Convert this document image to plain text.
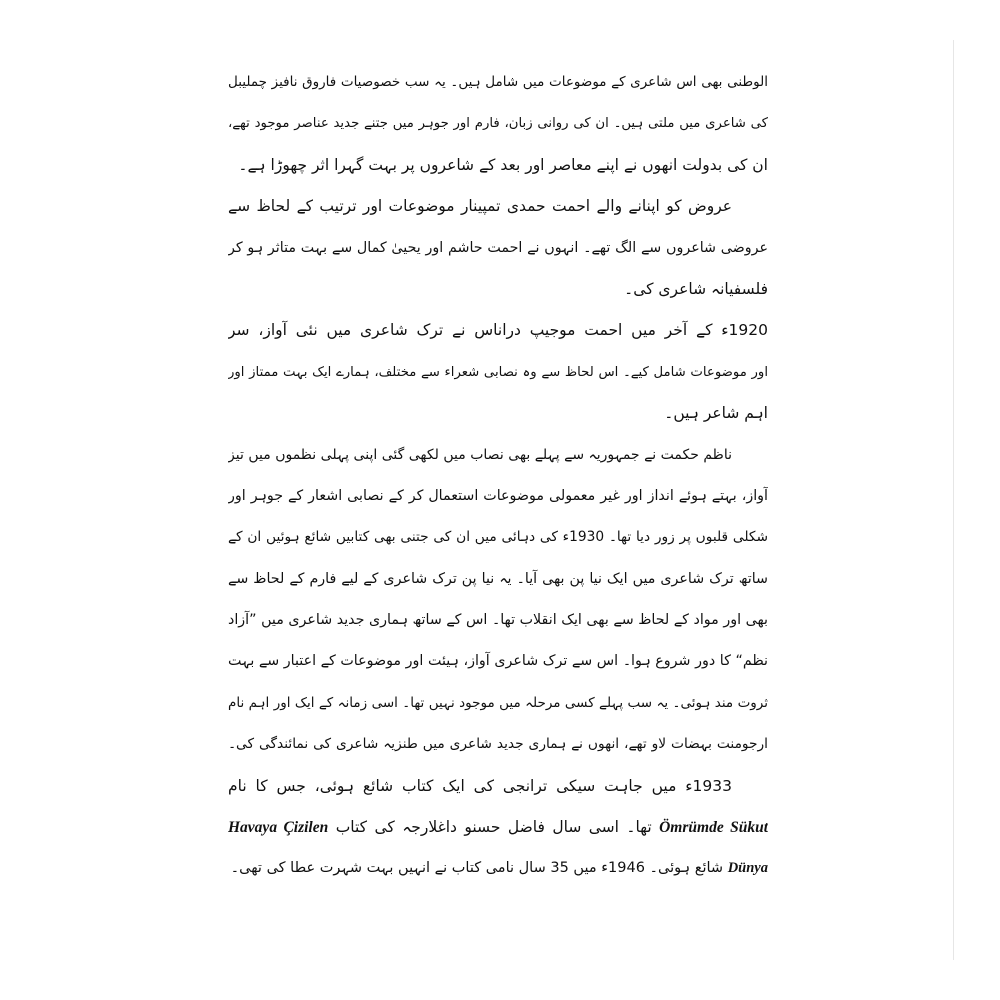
الوطنی بھی اس شاعری کے موضوعات میں شامل ہیں۔ یہ سب خصوصیات فاروق نافیز چملیبل
کی شاعری میں ملتی ہیں۔ ان کی روانی زبان، فارم اور جوہر میں جتنے جدید عناصر موجود تھے،
ان کی بدولت انھوں نے اپنے معاصر اور بعد کے شاعروں پر بہت گہرا اثر چھوڑا ہے۔
عروض کو اپنانے والے احمت حمدی تمپینار موضوعات اور ترتیب کے لحاظ سے
عروضی شاعروں سے الگ تھے۔ انہوں نے احمت حاشم اور یحییٰ کمال سے بہت متاثر ہو کر
فلسفیانہ شاعری کی۔
1920ء کے آخر میں احمت موجیپ دراناس نے ترک شاعری میں نئی آواز، سر
اور موضوعات شامل کیے۔ اس لحاظ سے وہ نصابی شعراء سے مختلف، ہمارے ایک بہت ممتاز اور
اہم شاعر ہیں۔
ناظم حکمت نے جمہوریہ سے پہلے بھی نصاب میں لکھی گئی اپنی پہلی نظموں میں تیز
آواز، بہتے ہوئے انداز اور غیر معمولی موضوعات استعمال کر کے نصابی اشعار کے جوہر اور
شکلی قلبوں پر زور دیا تھا۔ 1930ء کی دہائی میں ان کی جتنی بھی کتابیں شائع ہوئیں ان کے
ساتھ ترک شاعری میں ایک نیا پن بھی آیا۔ یہ نیا پن ترک شاعری کے لیے فارم کے لحاظ سے
بھی اور مواد کے لحاظ سے بھی ایک انقلاب تھا۔ اس کے ساتھ ہماری جدید شاعری میں ”آزاد
نظم“ کا دور شروع ہوا۔ اس سے ترک شاعری آواز، ہیئت اور موضوعات کے اعتبار سے بہت
ثروت مند ہوئی۔ یہ سب پہلے کسی مرحلہ میں موجود نہیں تھا۔ اسی زمانہ کے ایک اور اہم نام
ارجومنت بہضات لاو تھے، انھوں نے ہماری جدید شاعری میں طنزیہ شاعری کی نمائندگی کی۔
1933ء میں جاہت سیکی ترانجی کی ایک کتاب شائع ہوئی، جس کا نام
Ömrümde Sükut تھا۔ اسی سال فاضل حسنو داغلارجہ کی کتاب Havaya Çizilen
Dünya شائع ہوئی۔ 1946ء میں 35 سال نامی کتاب نے انہیں بہت شہرت عطا کی تھی۔
